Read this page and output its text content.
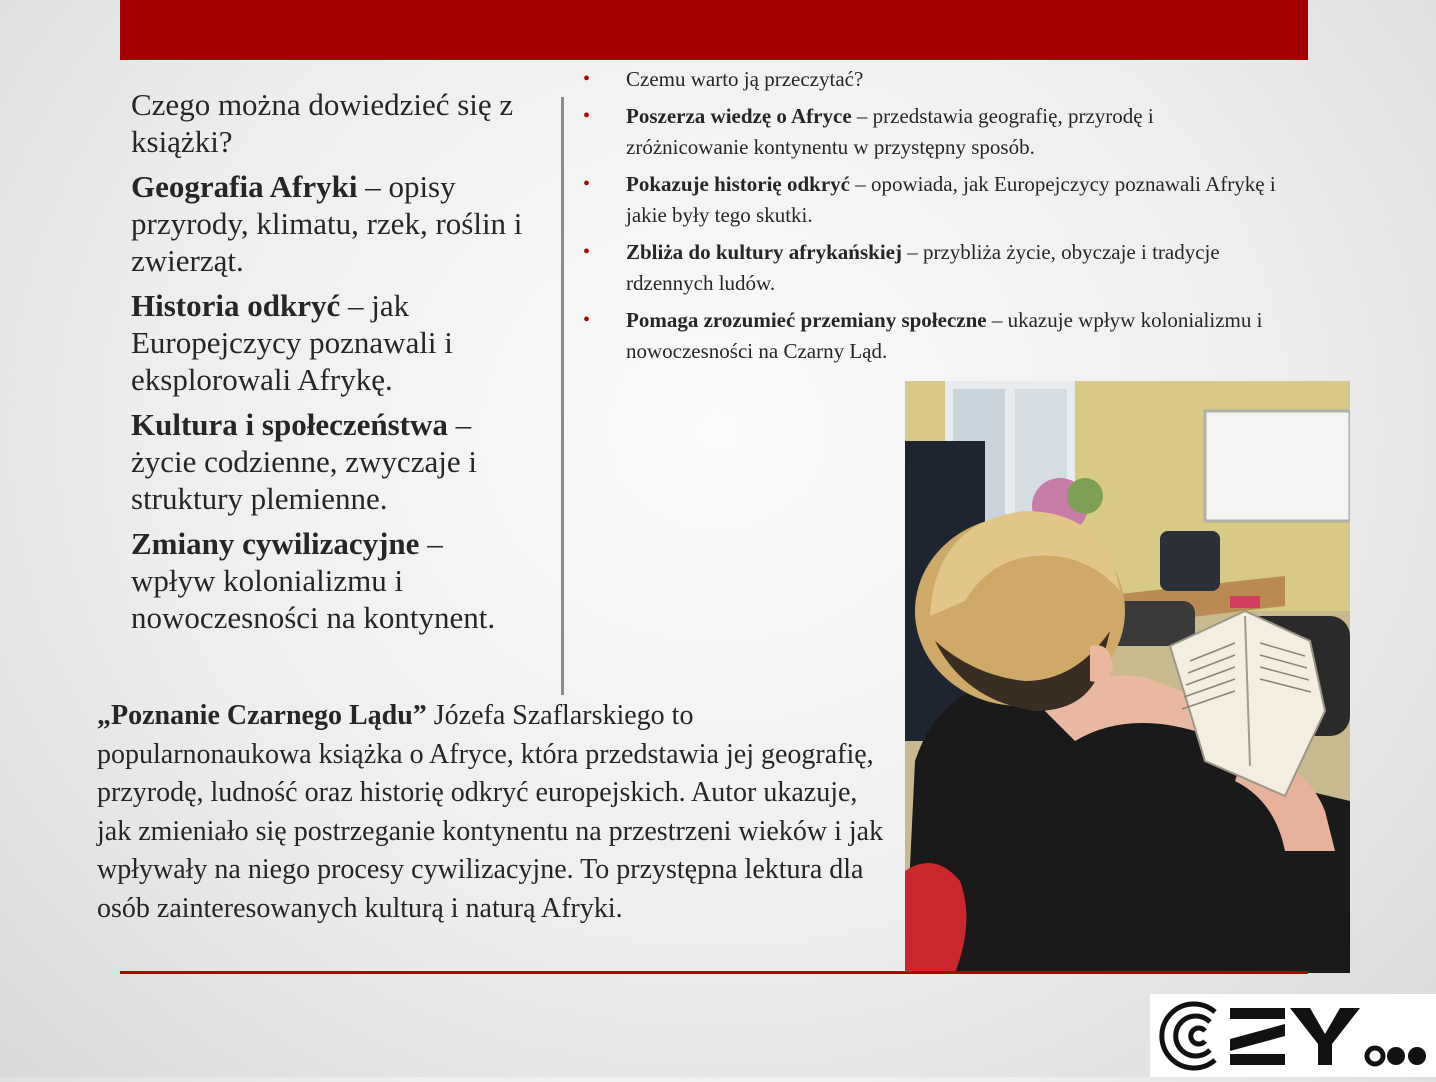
Czego można dowiedzieć się z książki?

Geografia Afryki – opisy przyrody, klimatu, rzek, roślin i zwierząt.

Historia odkryć – jak Europejczycy poznawali i eksplorowali Afrykę.

Kultura i społeczeństwa – życie codzienne, zwyczaje i struktury plemienne.

Zmiany cywilizacyjne – wpływ kolonializmu i nowoczesności na kontynent.

• Czemu warto ją przeczytać?
• Poszerza wiedzę o Afryce – przedstawia geografię, przyrodę i zróżnicowanie kontynentu w przystępny sposób.
• Pokazuje historię odkryć – opowiada, jak Europejczycy poznawali Afrykę i jakie były tego skutki.
• Zbliża do kultury afrykańskiej – przybliża życie, obyczaje i tradycje rdzennych ludów.
• Pomaga zrozumieć przemiany społeczne – ukazuje wpływ kolonializmu i nowoczesności na Czarny Ląd.
„Poznanie Czarnego Lądu” Józefa Szaflarskiego to popularnonaukowa książka o Afryce, która przedstawia jej geografię, przyrodę, ludność oraz historię odkryć europejskich. Autor ukazuje, jak zmieniało się postrzeganie kontynentu na przestrzeni wieków i jak wpływały na niego procesy cywilizacyjne. To przystępna lektura dla osób zainteresowanych kulturą i naturą Afryki.
